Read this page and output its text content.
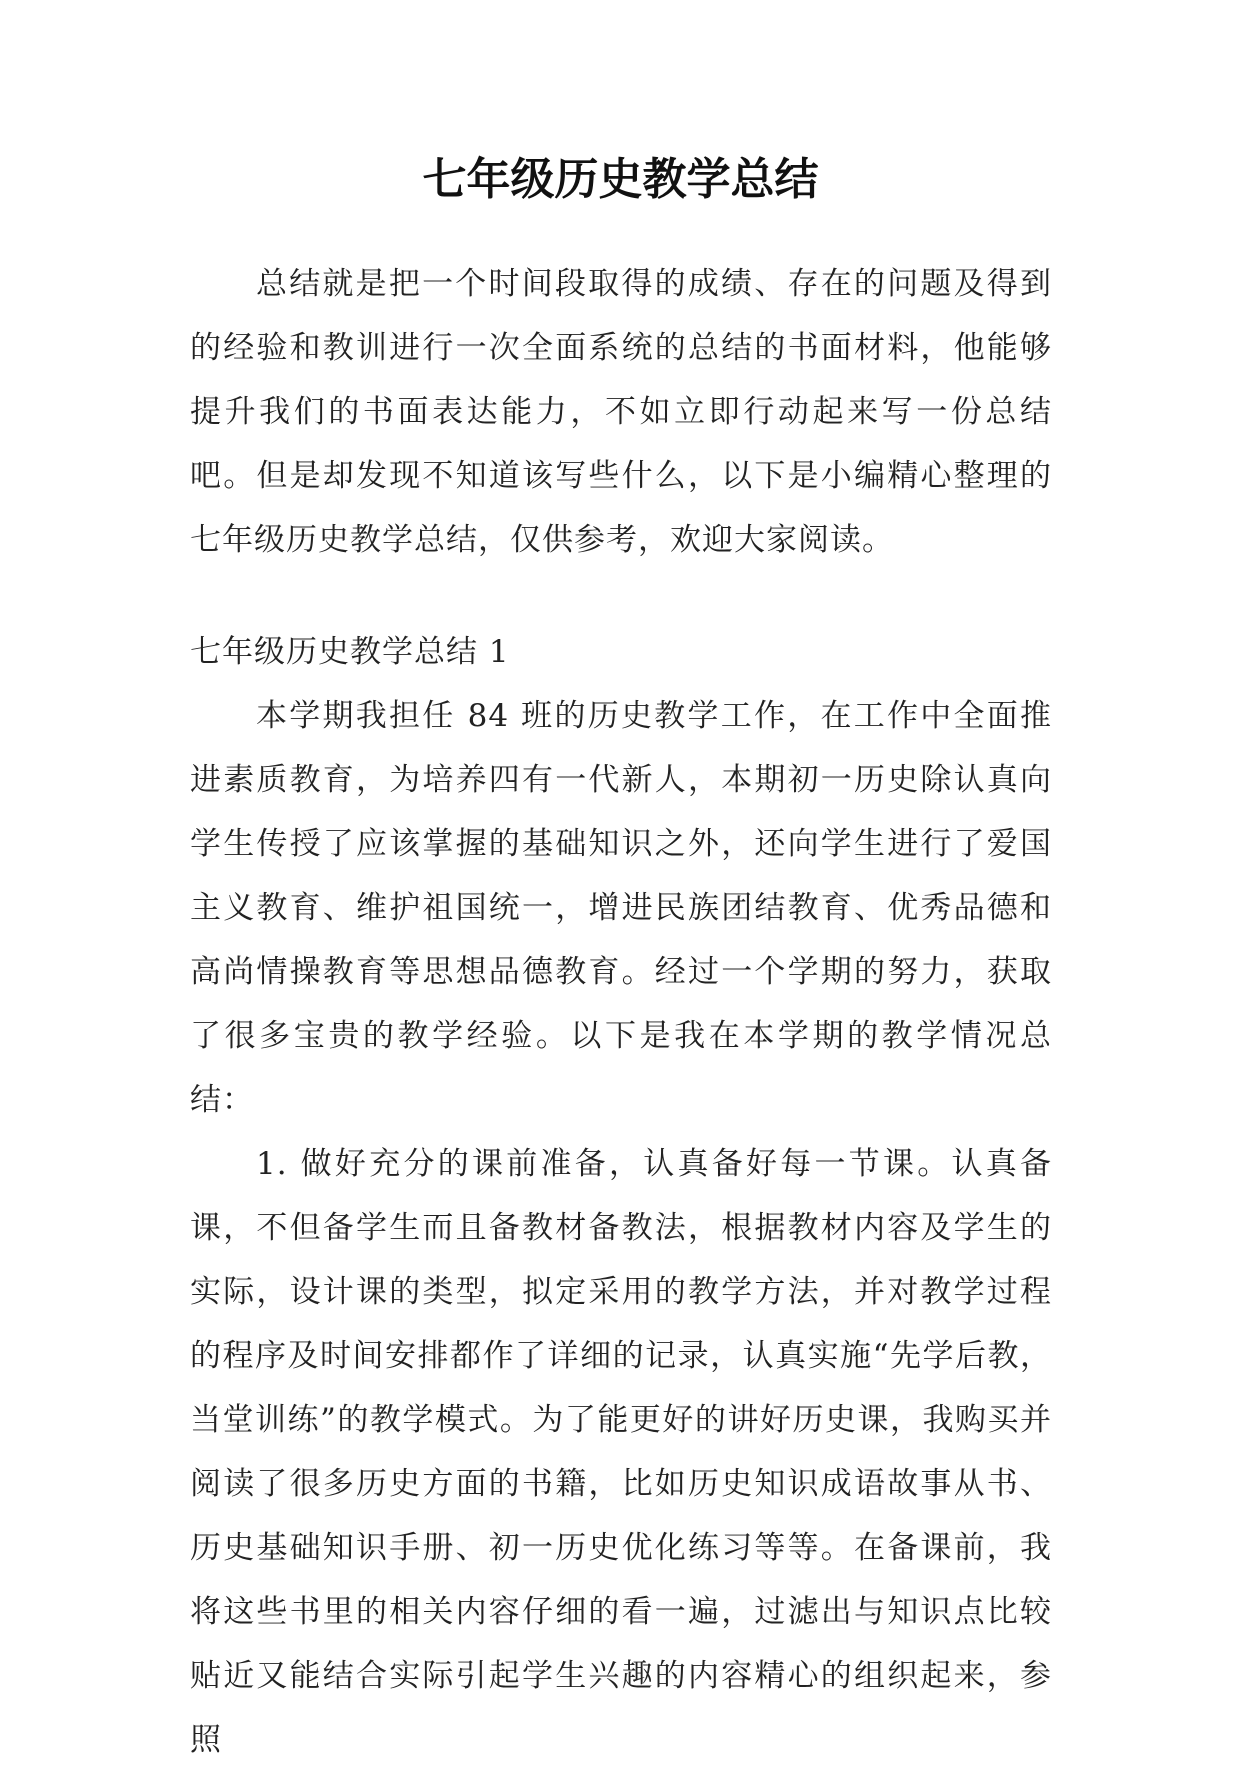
七年级历史教学总结

总结就是把一个时间段取得的成绩、存在的问题及得到的经验和教训进行一次全面系统的总结的书面材料，他能够提升我们的书面表达能力，不如立即行动起来写一份总结吧。但是却发现不知道该写些什么，以下是小编精心整理的七年级历史教学总结，仅供参考，欢迎大家阅读。

七年级历史教学总结 1

本学期我担任 84 班的历史教学工作，在工作中全面推进素质教育，为培养四有一代新人，本期初一历史除认真向学生传授了应该掌握的基础知识之外，还向学生进行了爱国主义教育、维护祖国统一，增进民族团结教育、优秀品德和高尚情操教育等思想品德教育。经过一个学期的努力，获取了很多宝贵的教学经验。以下是我在本学期的教学情况总结：

1. 做好充分的课前准备，认真备好每一节课。认真备课，不但备学生而且备教材备教法，根据教材内容及学生的实际，设计课的类型，拟定采用的教学方法，并对教学过程的程序及时间安排都作了详细的记录，认真实施“先学后教，当堂训练”的教学模式。为了能更好的讲好历史课，我购买并阅读了很多历史方面的书籍，比如历史知识成语故事从书、历史基础知识手册、初一历史优化练习等等。在备课前，我将这些书里的相关内容仔细的看一遍，过滤出与知识点比较贴近又能结合实际引起学生兴趣的内容精心的组织起来，参照
